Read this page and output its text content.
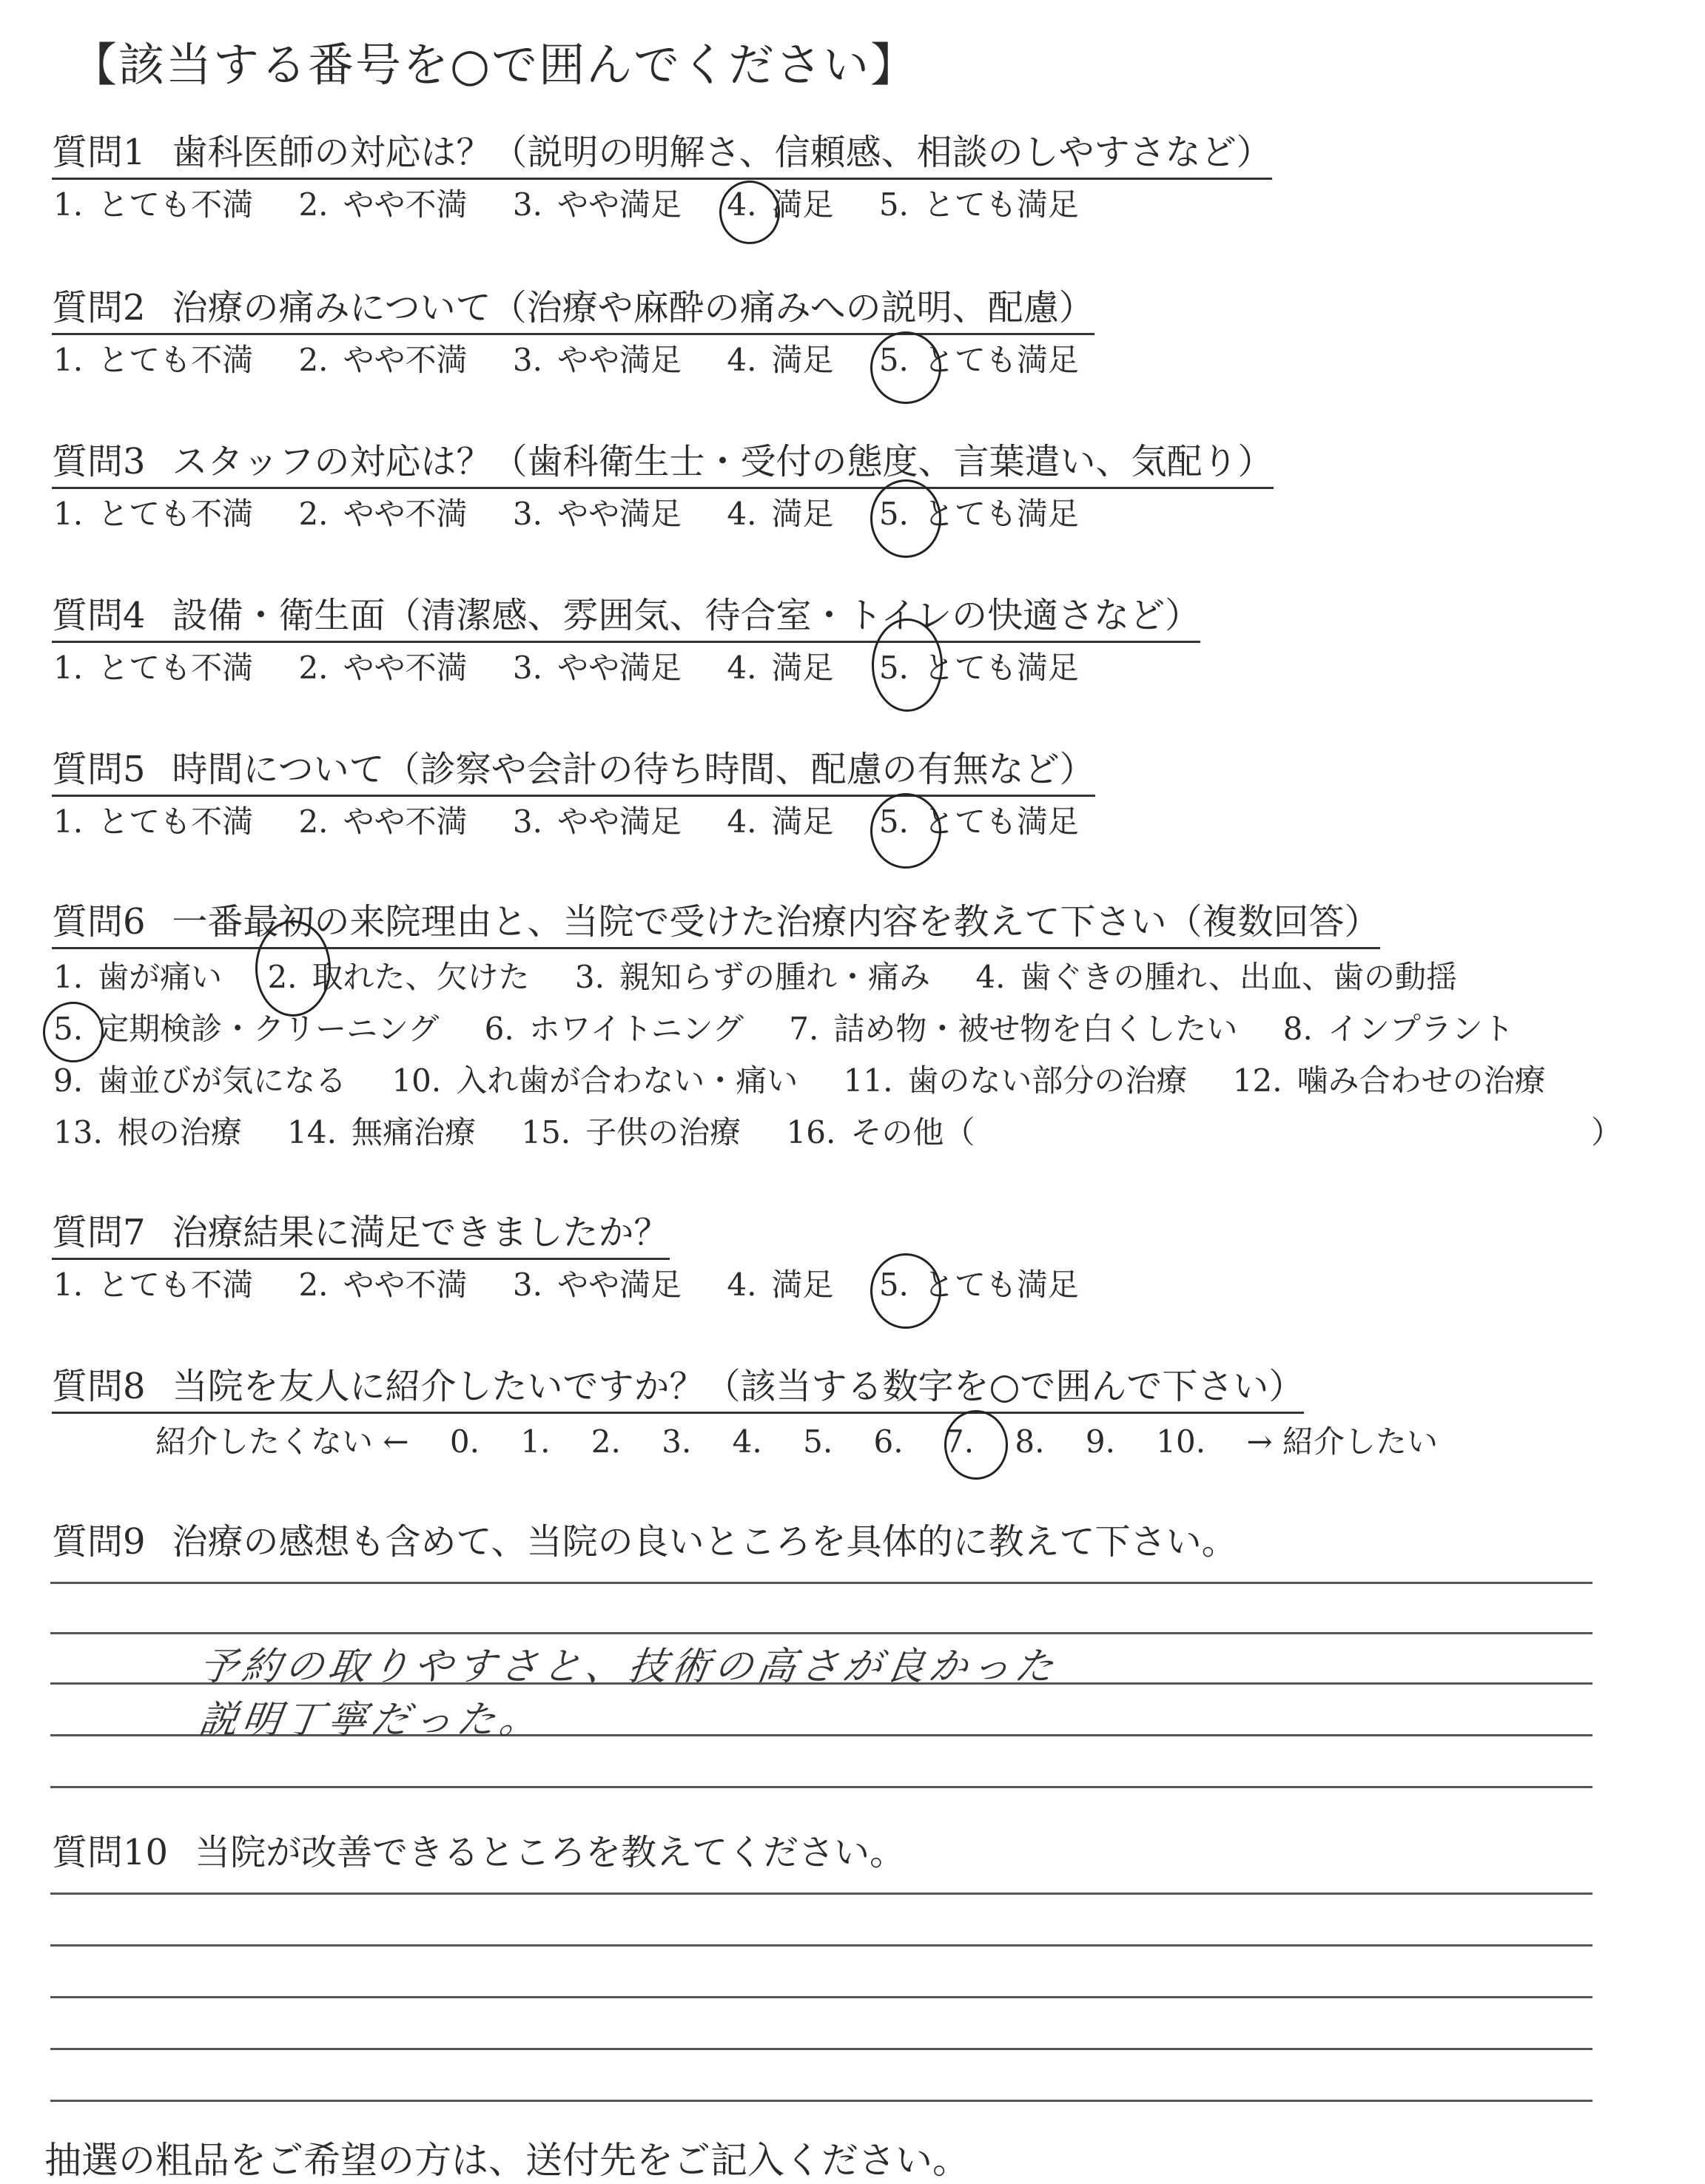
【該当する番号を○で囲んでください】
質問1 歯科医師の対応は？（説明の明解さ、信頼感、相談のしやすさなど）
1. とても不満 2. やや不満 3. やや満足 4. 満足 5. とても満足
質問2 治療の痛みについて（治療や麻酔の痛みへの説明、配慮）
1. とても不満 2. やや不満 3. やや満足 4. 満足 5. とても満足
質問3 スタッフの対応は？（歯科衛生士・受付の態度、言葉遣い、気配り）
1. とても不満 2. やや不満 3. やや満足 4. 満足 5. とても満足
質問4 設備・衛生面（清潔感、雰囲気、待合室・トイレの快適さなど）
1. とても不満 2. やや不満 3. やや満足 4. 満足 5. とても満足
質問5 時間について（診察や会計の待ち時間、配慮の有無など）
1. とても不満 2. やや不満 3. やや満足 4. 満足 5. とても満足
質問6 一番最初の来院理由と、当院で受けた治療内容を教えて下さい（複数回答）
1. 歯が痛い 2. 取れた、欠けた 3. 親知らずの腫れ・痛み 4. 歯ぐきの腫れ、出血、歯の動揺
5. 定期検診・クリーニング 6. ホワイトニング 7. 詰め物・被せ物を白くしたい 8. インプラント
9. 歯並びが気になる 10. 入れ歯が合わない・痛い 11. 歯のない部分の治療 12. 噛み合わせの治療
13. 根の治療 14. 無痛治療 15. 子供の治療 16. その他（	）
質問7 治療結果に満足できましたか？
1. とても不満 2. やや不満 3. やや満足 4. 満足 5. とても満足
質問8 当院を友人に紹介したいですか？（該当する数字を○で囲んで下さい）
紹介したくない ← 0. 1. 2. 3. 4. 5. 6. 7. 8. 9. 10. → 紹介したい
質問9 治療の感想も含めて、当院の良いところを具体的に教えて下さい。
予約の取りやすさと、技術の高さが良かった
説明丁寧だった。
質問10 当院が改善できるところを教えてください。
抽選の粗品をご希望の方は、送付先をご記入ください。
